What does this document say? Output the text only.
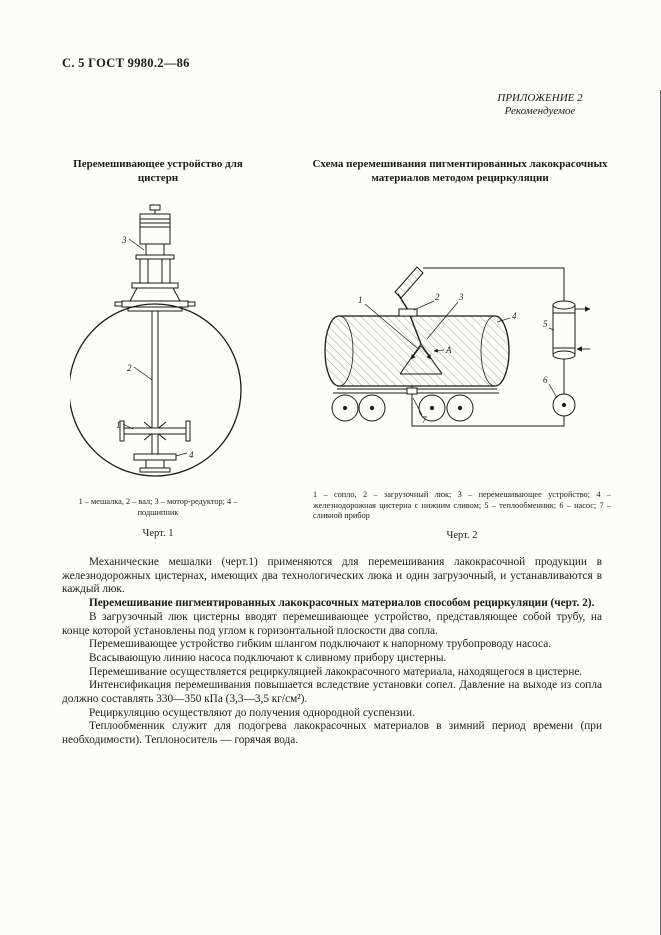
С. 5 ГОСТ 9980.2—86
ПРИЛОЖЕНИЕ 2
Рекомендуемое
Перемешивающее устройство для цистерн
Схема перемешивания пигментированных лакокрасочных материалов методом рециркуляции
3
2
1
4
1	2 3
4
5
6
7
А
1 – мешалка, 2 – вал; 3 – мотор-редуктор; 4 – подшипник
1 – сопло, 2 – загрузочный люк; 3 – перемешивающее устройство; 4 – железнодорожная цистерна с нижним сливом; 5 – теплообменник; 6 – насос; 7 – сливной прибор
Черт. 1	Черт. 2

Механические мешалки (черт.1) применяются для перемешивания лакокрасочной продукции в железнодорожных цистернах, имеющих два технологических люка и один загрузочный, и устанавливаются в каждый люк.

Перемешивание пигментированных лакокрасочных материалов способом рециркуляции (черт. 2).

В загрузочный люк цистерны вводят перемешивающее устройство, представляющее собой трубу, на конце которой установлены под углом к горизонтальной плоскости два сопла.

Перемешивающее устройство гибким шлангом подключают к напорному трубопроводу насоса.

Всасывающую линию насоса подключают к сливному прибору цистерны.

Перемешивание осуществляется рециркуляцией лакокрасочного материала, находящегося в цистерне.

Интенсификация перемешивания повышается вследствие установки сопел. Давление на выходе из сопла должно составлять 330—350 кПа (3,3—3,5 кг/см²).

Рециркуляцию осуществляют до получения однородной суспензии.

Теплообменник служит для подогрева лакокрасочных материалов в зимний период времени (при необходимости). Теплоноситель — горячая вода.
